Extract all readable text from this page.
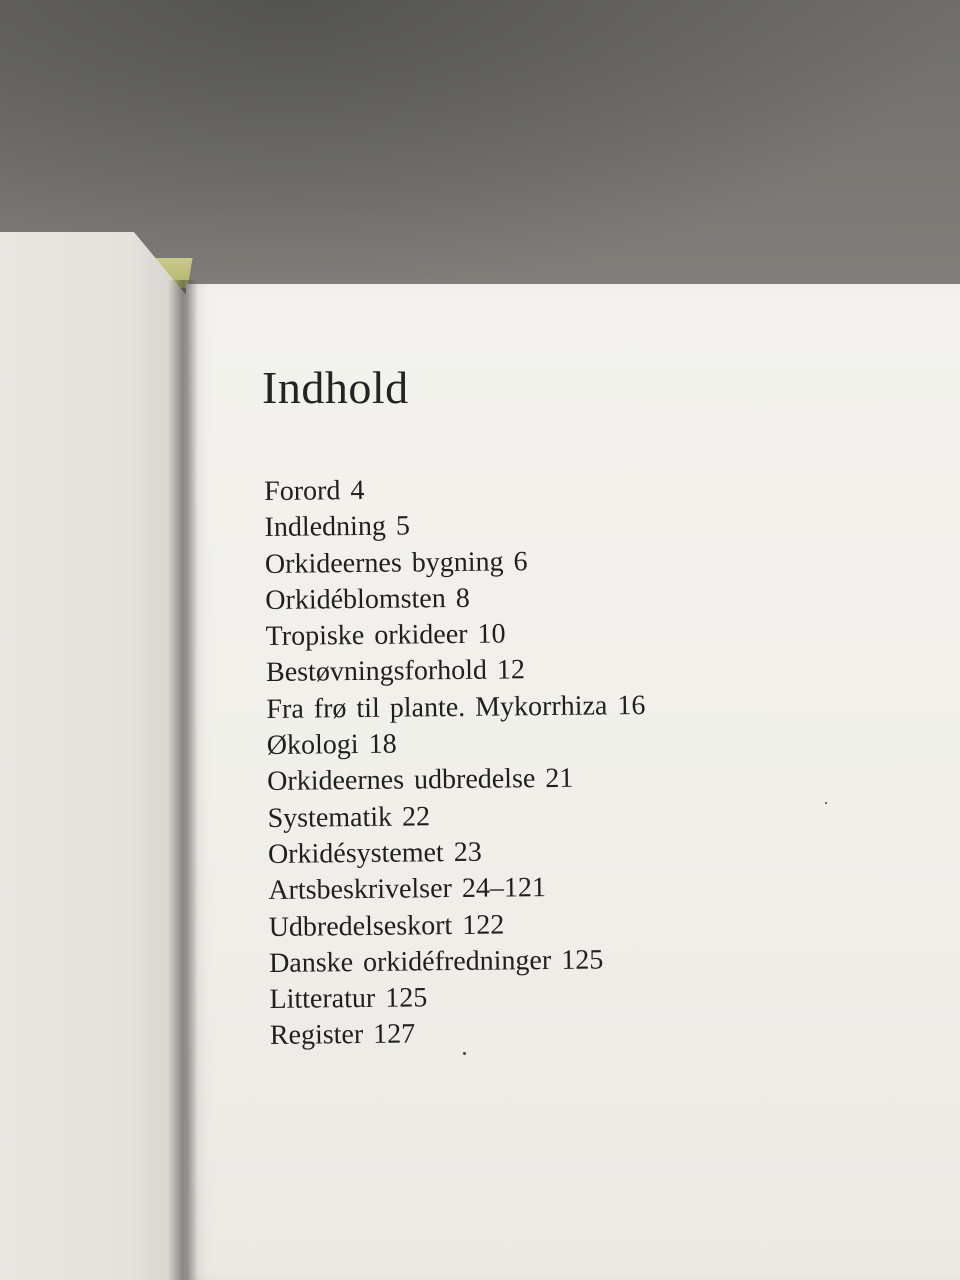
Indhold
Forord 4
Indledning 5
Orkideernes bygning 6
Orkidéblomsten 8
Tropiske orkideer 10
Bestøvningsforhold 12
Fra frø til plante. Mykorrhiza 16
Økologi 18
Orkideernes udbredelse 21
Systematik 22
Orkidésystemet 23
Artsbeskrivelser 24–121
Udbredelseskort 122
Danske orkidéfredninger 125
Litteratur 125
Register 127
